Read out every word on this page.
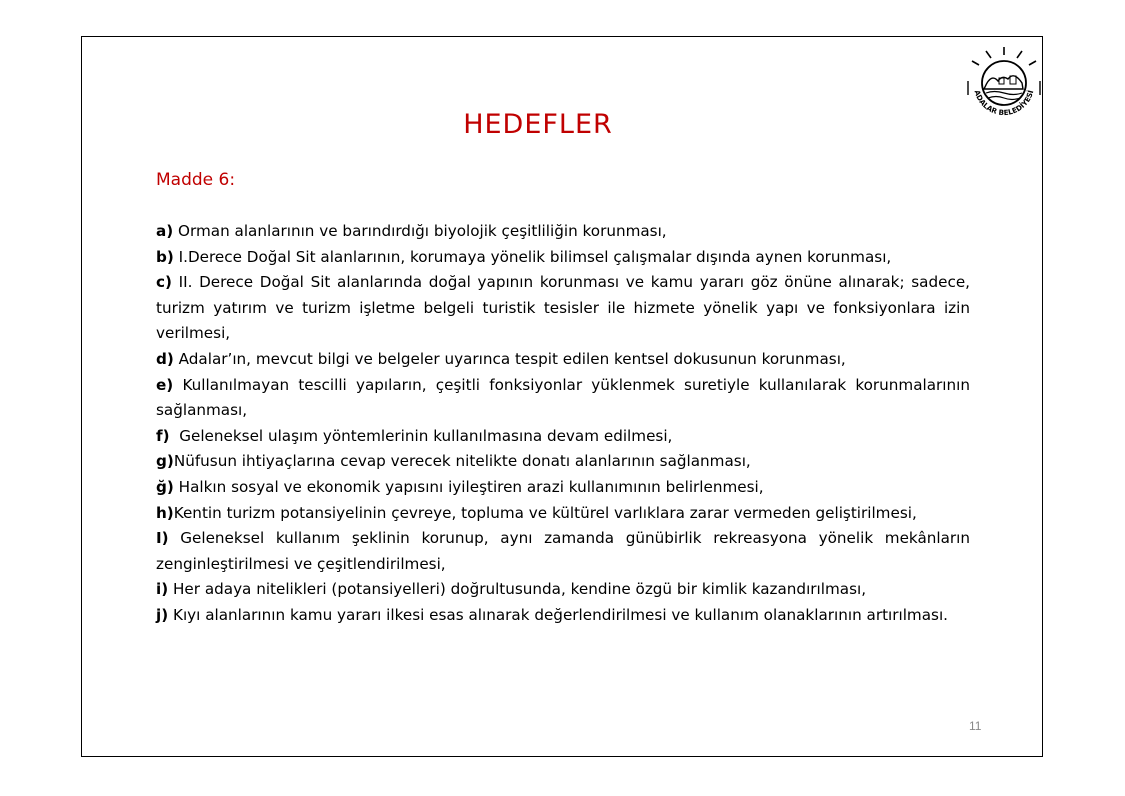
ADALAR BELEDİYESİ
HEDEFLER

Madde 6:

a) Orman alanlarının ve barındırdığı biyolojik çeşitliliğin korunması,
b) I.Derece Doğal Sit alanlarının, korumaya yönelik bilimsel çalışmalar dışında aynen korunması,
c) II. Derece Doğal Sit alanlarında doğal yapının korunması ve kamu yararı göz önüne alınarak; sadece, turizm yatırım ve turizm işletme belgeli turistik tesisler ile hizmete yönelik yapı ve fonksiyonlara izin verilmesi,
d) Adalar’ın, mevcut bilgi ve belgeler uyarınca tespit edilen kentsel dokusunun korunması,
e) Kullanılmayan tescilli yapıların, çeşitli fonksiyonlar yüklenmek suretiyle kullanılarak korunmalarının sağlanması,
f)  Geleneksel ulaşım yöntemlerinin kullanılmasına devam edilmesi,
g)Nüfusun ihtiyaçlarına cevap verecek nitelikte donatı alanlarının sağlanması,
ğ) Halkın sosyal ve ekonomik yapısını iyileştiren arazi kullanımının belirlenmesi,
h)Kentin turizm potansiyelinin çevreye, topluma ve kültürel varlıklara zarar vermeden geliştirilmesi,
I) Geleneksel kullanım şeklinin korunup, aynı zamanda günübirlik rekreasyona yönelik mekânların zenginleştirilmesi ve çeşitlendirilmesi,
i) Her adaya nitelikleri (potansiyelleri) doğrultusunda, kendine özgü bir kimlik kazandırılması,
j) Kıyı alanlarının kamu yararı ilkesi esas alınarak değerlendirilmesi ve kullanım olanaklarının artırılması.
11
